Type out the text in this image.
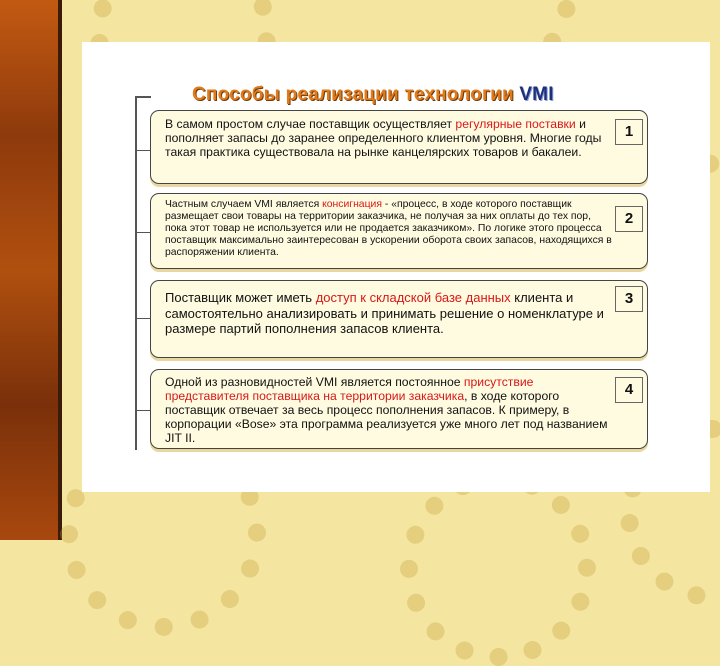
Способы реализации технологии VMI
В самом простом случае поставщик осуществляет регулярные поставки и пополняет запасы до заранее определенного клиентом уровня. Многие годы такая практика существовала на рынке канцелярских товаров и бакалеи.
1
Частным случаем VMI является консигнация - «процесс, в ходе которого поставщик размещает свои товары на территории заказчика, не получая за них оплаты до тех пор, пока этот товар не используется или не продается заказчиком». По логике этого процесса поставщик максимально заинтересован в ускорении оборота своих запасов, находящихся в распоряжении клиента.
2
Поставщик может иметь доступ к складской базе данных клиента и самостоятельно анализировать и принимать решение о номенклатуре и размере партий пополнения запасов клиента.
3
Одной из разновидностей VMI является постоянное присутствие представителя поставщика на территории заказчика, в ходе которого поставщик отвечает за весь процесс пополнения запасов. К примеру, в корпорации «Bose» эта программа реализуется уже много лет под названием JIT II.
4
